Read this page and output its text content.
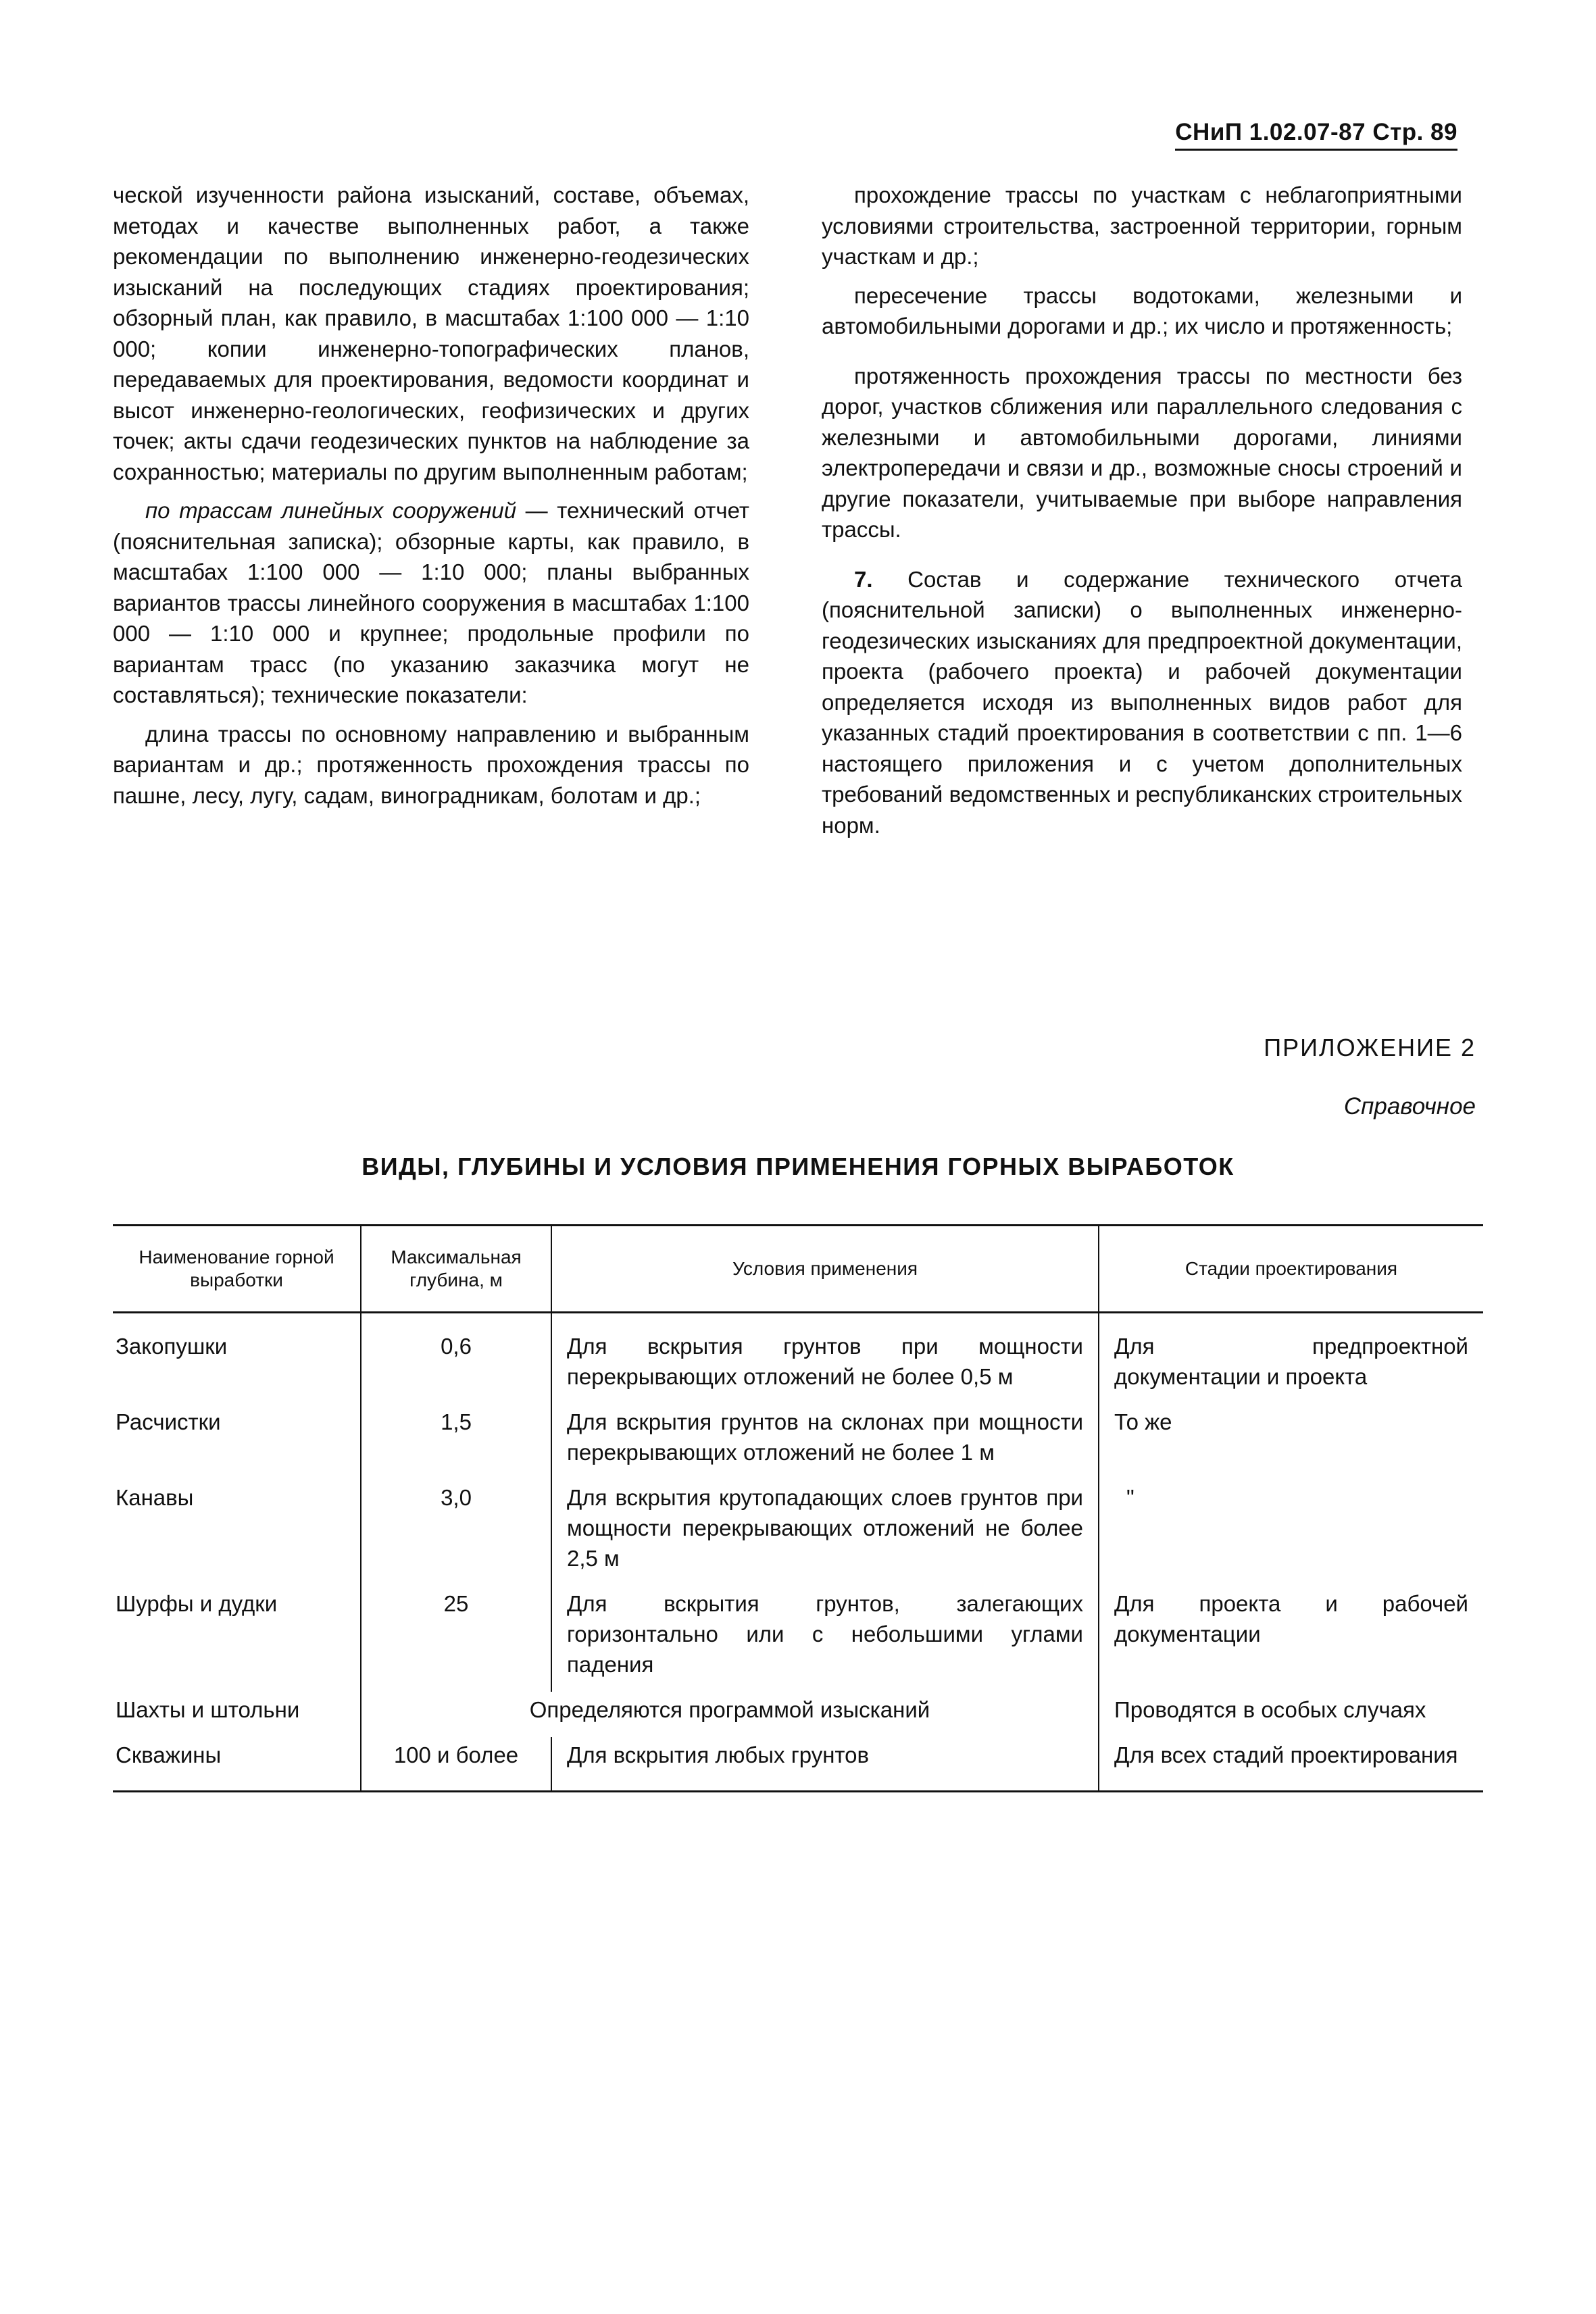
СНиП 1.02.07-87 Стр. 89

ческой изученности района изысканий, составе, объемах, методах и качестве выполненных работ, а также рекомендации по выполнению инженерно-геодезических изысканий на последующих стадиях проектирования; обзорный план, как правило, в масштабах 1:100 000 — 1:10 000; копии инженерно-топографических планов, передаваемых для проектирования, ведомости координат и высот инженерно-геологических, геофизических и других точек; акты сдачи геодезических пунктов на наблюдение за сохранностью; материалы по другим выполненным работам;

по трассам линейных сооружений — технический отчет (пояснительная записка); обзорные карты, как правило, в масштабах 1:100 000 — 1:10 000; планы выбранных вариантов трассы линейного сооружения в масштабах 1:100 000 — 1:10 000 и крупнее; продольные профили по вариантам трасс (по указанию заказчика могут не составляться); технические показатели:

длина трассы по основному направлению и выбранным вариантам и др.; протяженность прохождения трассы по пашне, лесу, лугу, садам, виноградникам, болотам и др.;

прохождение трассы по участкам с неблагоприятными условиями строительства, застроенной территории, горным участкам и др.;

пересечение трассы водотоками, железными и автомобильными дорогами и др.; их число и протяженность;

протяженность прохождения трассы по местности без дорог, участков сближения или параллельного следования с железными и автомобильными дорогами, линиями электропередачи и связи и др., возможные сносы строений и другие показатели, учитываемые при выборе направления трассы.

7. Состав и содержание технического отчета (пояснительной записки) о выполненных инженерно-геодезических изысканиях для предпроектной документации, проекта (рабочего проекта) и рабочей документации определяется исходя из выполненных видов работ для указанных стадий проектирования в соответствии с пп. 1—6 настоящего приложения и с учетом дополнительных требований ведомственных и республиканских строительных норм.

ПРИЛОЖЕНИЕ 2
Справочное
ВИДЫ, ГЛУБИНЫ И УСЛОВИЯ ПРИМЕНЕНИЯ ГОРНЫХ ВЫРАБОТОК
Наименование горной выработки	Максимальная глубина, м	Условия применения	Стадии проектирования
Закопушки	0,6	Для вскрытия грунтов при мощности перекрывающих отложений не более 0,5 м	Для предпроектной документации и проекта
Расчистки	1,5	Для вскрытия грунтов на склонах при мощности перекрывающих отложений не более 1 м	То же
Канавы	3,0	Для вскрытия крутопадающих слоев грунтов при мощности перекрывающих отложений не более 2,5 м	"
Шурфы и дудки	25	Для вскрытия грунтов, залегающих горизонтально или с небольшими углами падения	Для проекта и рабочей документации
Шахты и штольни	Определяются программой изысканий		Проводятся в особых случаях
Скважины	100 и более	Для вскрытия любых грунтов	Для всех стадий проектирования
